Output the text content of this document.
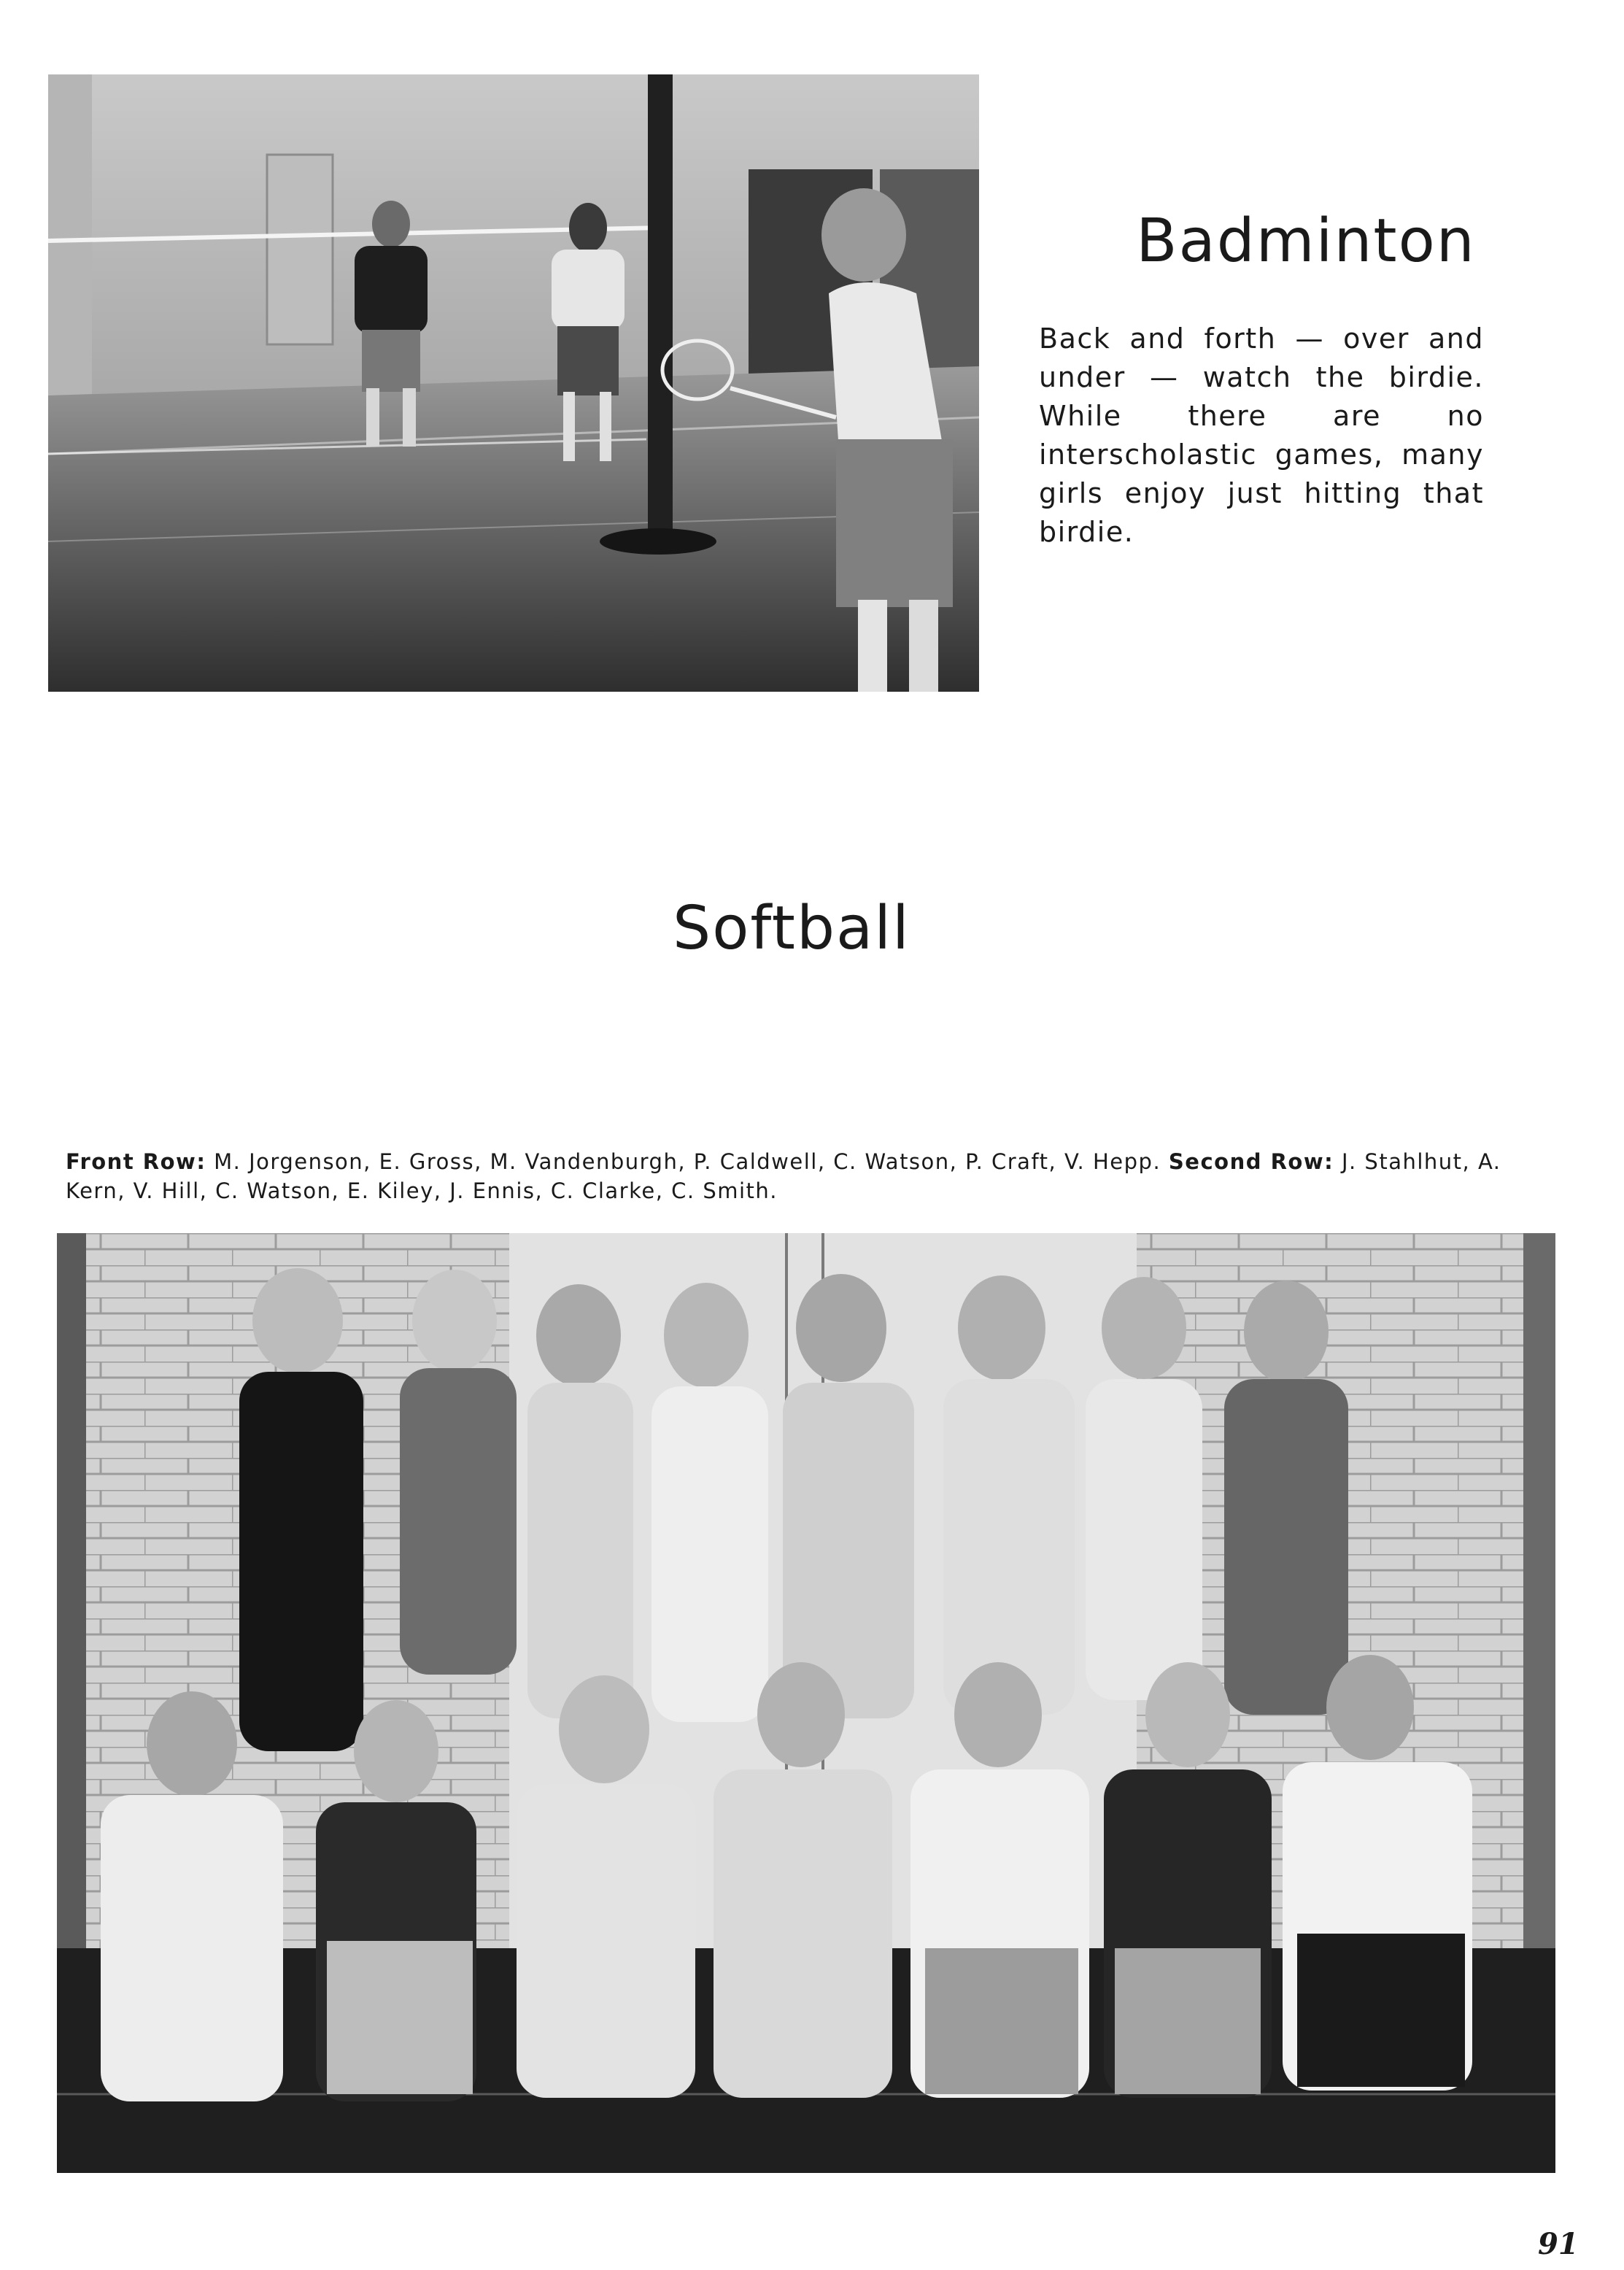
Badminton

Back and forth — over and under — watch the birdie. While there are no interscholastic games, many girls enjoy just hitting that birdie.

Softball

Front Row: M. Jorgenson, E. Gross, M. Vandenburgh, P. Caldwell, C. Watson, P. Craft, V. Hepp. Second Row: J. Stahlhut, A. Kern, V. Hill, C. Watson, E. Kiley, J. Ennis, C. Clarke, C. Smith.

91
